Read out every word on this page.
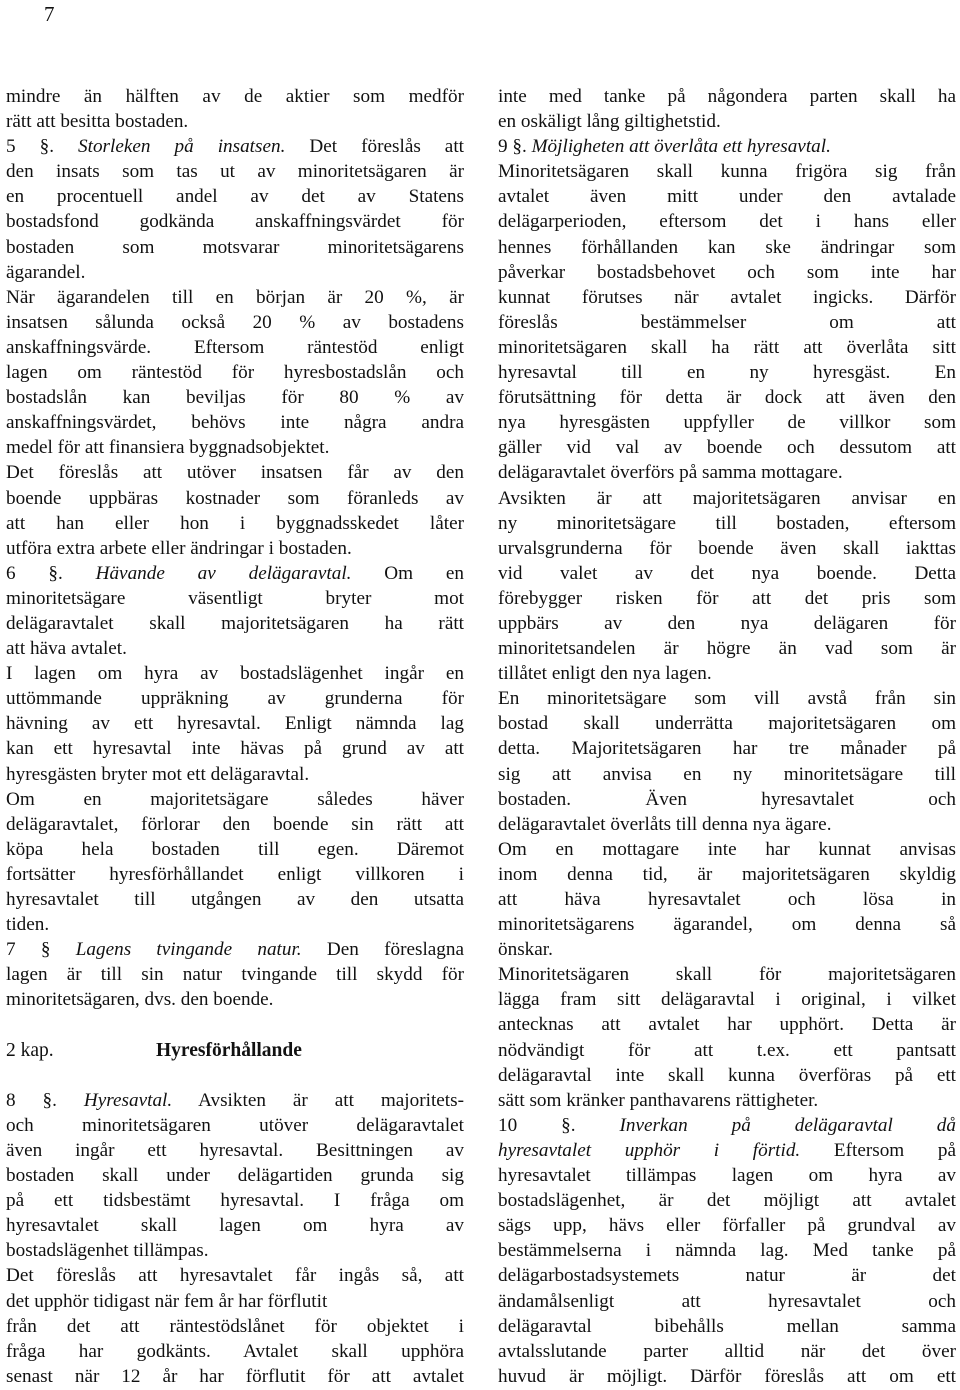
7
mindre än hälften av de aktier som medför
rätt att besitta bostaden.
5 §. Storleken på insatsen. Det föreslås att
den insats som tas ut av minoritetsägaren är
en procentuell andel av det av Statens
bostadsfond godkända anskaffningsvärdet för
bostaden som motsvarar minoritetsägarens
ägarandel.
När ägarandelen till en början är 20 %, är
insatsen sålunda också 20 % av bostadens
anskaffningsvärde. Eftersom räntestöd enligt
lagen om räntestöd för hyresbostadslån och
bostadslån kan beviljas för 80 % av
anskaffningsvärdet, behövs inte några andra
medel för att finansiera byggnadsobjektet.
Det föreslås att utöver insatsen får av den
boende uppbäras kostnader som föranleds av
att han eller hon i byggnadsskedet låter
utföra extra arbete eller ändringar i bostaden.
6 §. Hävande av delägaravtal. Om en
minoritetsägare väsentligt bryter mot
delägaravtalet skall majoritetsägaren ha rätt
att häva avtalet.
I lagen om hyra av bostadslägenhet ingår en
uttömmande uppräkning av grunderna för
hävning av ett hyresavtal. Enligt nämnda lag
kan ett hyresavtal inte hävas på grund av att
hyresgästen bryter mot ett delägaravtal.
Om en majoritetsägare således häver
delägaravtalet, förlorar den boende sin rätt att
köpa hela bostaden till egen. Däremot
fortsätter hyresförhållandet enligt villkoren i
hyresavtalet till utgången av den utsatta
tiden.
7 § Lagens tvingande natur. Den föreslagna
lagen är till sin natur tvingande till skydd för
minoritetsägaren, dvs. den boende.
2 kap.	Hyresförhållande
8 §. Hyresavtal. Avsikten är att majoritets-
och minoritetsägaren utöver delägaravtalet
även ingår ett hyresavtal. Besittningen av
bostaden skall under delägartiden grunda sig
på ett tidsbestämt hyresavtal. I fråga om
hyresavtalet skall lagen om hyra av
bostadslägenhet tillämpas.
Det föreslås att hyresavtalet får ingås så, att
det upphör tidigast när fem år har förflutit
från det att räntestödslånet för objektet i
fråga har godkänts. Avtalet skall upphöra
senast när 12 år har förflutit för att avtalet
inte med tanke på någondera parten skall ha
en oskäligt lång giltighetstid.
9 §. Möjligheten att överlåta ett hyresavtal.
Minoritetsägaren skall kunna frigöra sig från
avtalet även mitt under den avtalade
delägarperioden, eftersom det i hans eller
hennes förhållanden kan ske ändringar som
påverkar bostadsbehovet och som inte har
kunnat förutses när avtalet ingicks. Därför
föreslås bestämmelser om att
minoritetsägaren skall ha rätt att överlåta sitt
hyresavtal till en ny hyresgäst. En
förutsättning för detta är dock att även den
nya hyresgästen uppfyller de villkor som
gäller vid val av boende och dessutom att
delägaravtalet överförs på samma mottagare.
Avsikten är att majoritetsägaren anvisar en
ny minoritetsägare till bostaden, eftersom
urvalsgrunderna för boende även skall iakttas
vid valet av det nya boende. Detta
förebygger risken för att det pris som
uppbärs av den nya delägaren för
minoritetsandelen är högre än vad som är
tillåtet enligt den nya lagen.
En minoritetsägare som vill avstå från sin
bostad skall underrätta majoritetsägaren om
detta. Majoritetsägaren har tre månader på
sig att anvisa en ny minoritetsägare till
bostaden. Även hyresavtalet och
delägaravtalet överlåts till denna nya ägare.
Om en mottagare inte har kunnat anvisas
inom denna tid, är majoritetsägaren skyldig
att häva hyresavtalet och lösa in
minoritetsägarens ägarandel, om denna så
önskar.
Minoritetsägaren skall för majoritetsägaren
lägga fram sitt delägaravtal i original, i vilket
antecknas att avtalet har upphört. Detta är
nödvändigt för att t.ex. ett pantsatt
delägaravtal inte skall kunna överföras på ett
sätt som kränker panthavarens rättigheter.
10 §. Inverkan på delägaravtal då
hyresavtalet upphör i förtid. Eftersom på
hyresavtalet tillämpas lagen om hyra av
bostadslägenhet, är det möjligt att avtalet
sägs upp, hävs eller förfaller på grundval av
bestämmelserna i nämnda lag. Med tanke på
delägarbostadsystemets natur är det
ändamålsenligt att hyresavtalet och
delägaravtal bibehålls mellan samma
avtalsslutande parter alltid när det över
huvud är möjligt. Därför föreslås att om ett
